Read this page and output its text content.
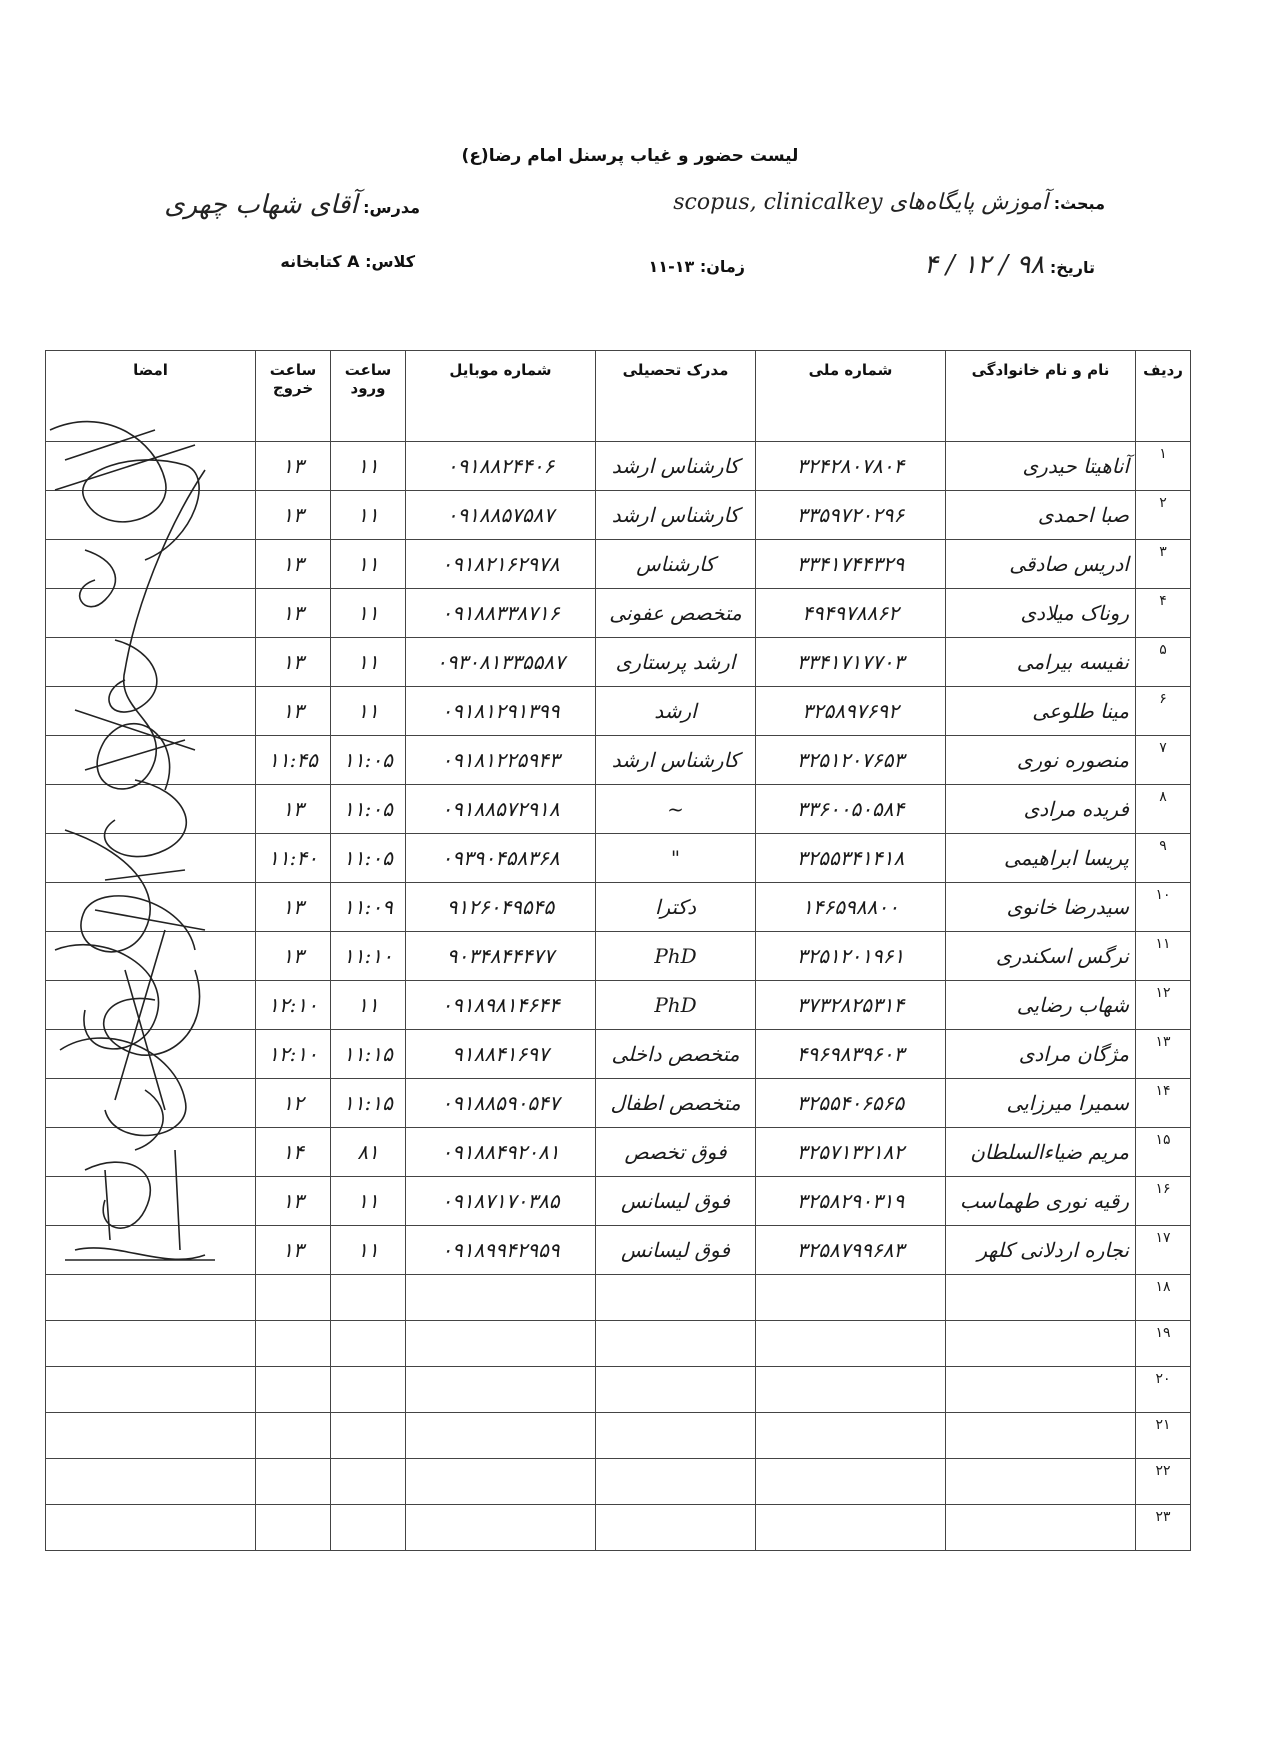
لیست حضور و غیاب پرسنل امام رضا(ع)
مبحث: آموزش پایگاه‌های scopus, clinicalkey
مدرس: آقای شهاب چهری
تاریخ: ۹۸ / ۱۲ / ۴
زمان: ۱۳-۱۱
کلاس: A کتابخانه
ردیف	نام و نام خانوادگی	شماره ملی	مدرک تحصیلی	شماره موبایل	ساعت ورود	ساعت خروج	امضا
۱	آناهیتا حیدری	۳۲۴۲۸۰۷۸۰۴	کارشناس ارشد	۰۹۱۸۸۲۴۴۰۶	۱۱	۱۳	
۲	صبا احمدی	۳۳۵۹۷۲۰۲۹۶	کارشناس ارشد	۰۹۱۸۸۵۷۵۸۷	۱۱	۱۳	
۳	ادریس صادقی	۳۳۴۱۷۴۴۳۲۹	کارشناس	۰۹۱۸۲۱۶۲۹۷۸	۱۱	۱۳	
۴	روناک میلادی	۴۹۴۹۷۸۸۶۲	متخصص عفونی	۰۹۱۸۸۳۳۸۷۱۶	۱۱	۱۳	
۵	نفیسه بیرامی	۳۳۴۱۷۱۷۷۰۳	ارشد پرستاری	۰۹۳۰۸۱۳۳۵۵۸۷	۱۱	۱۳	
۶	مینا طلوعی	۳۲۵۸۹۷۶۹۲	ارشد	۰۹۱۸۱۲۹۱۳۹۹	۱۱	۱۳	
۷	منصوره نوری	۳۲۵۱۲۰۷۶۵۳	کارشناس ارشد	۰۹۱۸۱۲۲۵۹۴۳	۱۱:۰۵	۱۱:۴۵	
۸	فریده مرادی	۳۳۶۰۰۵۰۵۸۴	~	۰۹۱۸۸۵۷۲۹۱۸	۱۱:۰۵	۱۳	
۹	پریسا ابراهیمی	۳۲۵۵۳۴۱۴۱۸	"	۰۹۳۹۰۴۵۸۳۶۸	۱۱:۰۵	۱۱:۴۰	
۱۰	سیدرضا خانوی	۱۴۶۵۹۸۸۰۰	دکترا	۹۱۲۶۰۴۹۵۴۵	۱۱:۰۹	۱۳	
۱۱	نرگس اسکندری	۳۲۵۱۲۰۱۹۶۱	PhD	۹۰۳۴۸۴۴۴۷۷	۱۱:۱۰	۱۳	
۱۲	شهاب رضایی	۳۷۳۲۸۲۵۳۱۴	PhD	۰۹۱۸۹۸۱۴۶۴۴	۱۱	۱۲:۱۰	
۱۳	مژگان مرادی	۴۹۶۹۸۳۹۶۰۳	متخصص داخلی	۹۱۸۸۴۱۶۹۷	۱۱:۱۵	۱۲:۱۰	
۱۴	سمیرا میرزایی	۳۲۵۵۴۰۶۵۶۵	متخصص اطفال	۰۹۱۸۸۵۹۰۵۴۷	۱۱:۱۵	۱۲	
۱۵	مریم ضیاء‌السلطان	۳۲۵۷۱۳۲۱۸۲	فوق تخصص	۰۹۱۸۸۴۹۲۰۸۱	۸۱	۱۴	
۱۶	رقیه نوری طهماسب	۳۲۵۸۲۹۰۳۱۹	فوق لیسانس	۰۹۱۸۷۱۷۰۳۸۵	۱۱	۱۳	
۱۷	نجاره اردلانی کلهر	۳۲۵۸۷۹۹۶۸۳	فوق لیسانس	۰۹۱۸۹۹۴۲۹۵۹	۱۱	۱۳	
۱۸							
۱۹							
۲۰							
۲۱							
۲۲							
۲۳							
